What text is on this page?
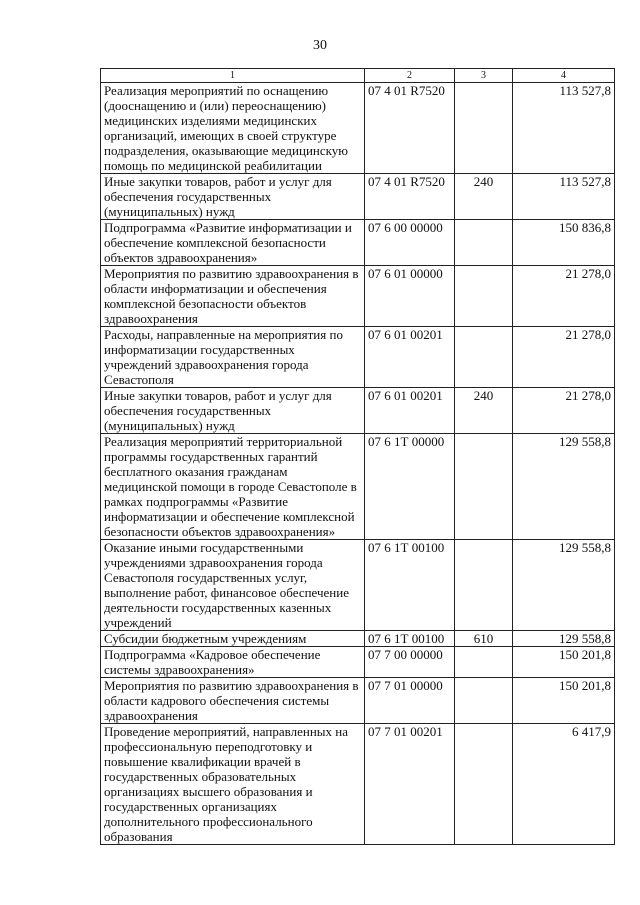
30
1	2	3	4
Реализация мероприятий по оснащению (дооснащению и (или) переоснащению) медицинских изделиями медицинских организаций, имеющих в своей структуре подразделения, оказывающие медицинскую помощь по медицинской реабилитации	07 4 01 R7520		113 527,8
Иные закупки товаров, работ и услуг для обеспечения государственных (муниципальных) нужд	07 4 01 R7520	240	113 527,8
Подпрограмма «Развитие информатизации и обеспечение комплексной безопасности объектов здравоохранения»	07 6 00 00000		150 836,8
Мероприятия по развитию здравоохранения в области информатизации и обеспечения комплексной безопасности объектов здравоохранения	07 6 01 00000		21 278,0
Расходы, направленные на мероприятия по информатизации государственных учреждений здравоохранения города Севастополя	07 6 01 00201		21 278,0
Иные закупки товаров, работ и услуг для обеспечения государственных (муниципальных) нужд	07 6 01 00201	240	21 278,0
Реализация мероприятий территориальной программы государственных гарантий бесплатного оказания гражданам медицинской помощи в городе Севастополе в рамках подпрограммы «Развитие информатизации и обеспечение комплексной безопасности объектов здравоохранения»	07 6 1Т 00000		129 558,8
Оказание иными государственными учреждениями здравоохранения города Севастополя государственных услуг, выполнение работ, финансовое обеспечение деятельности государственных казенных учреждений	07 6 1Т 00100		129 558,8
Субсидии бюджетным учреждениям	07 6 1Т 00100	610	129 558,8
Подпрограмма «Кадровое обеспечение системы здравоохранения»	07 7 00 00000		150 201,8
Мероприятия по развитию здравоохранения в области кадрового обеспечения системы здравоохранения	07 7 01 00000		150 201,8
Проведение мероприятий, направленных на профессиональную переподготовку и повышение квалификации врачей в государственных образовательных организациях высшего образования и государственных организациях дополнительного профессионального образования	07 7 01 00201		6 417,9
